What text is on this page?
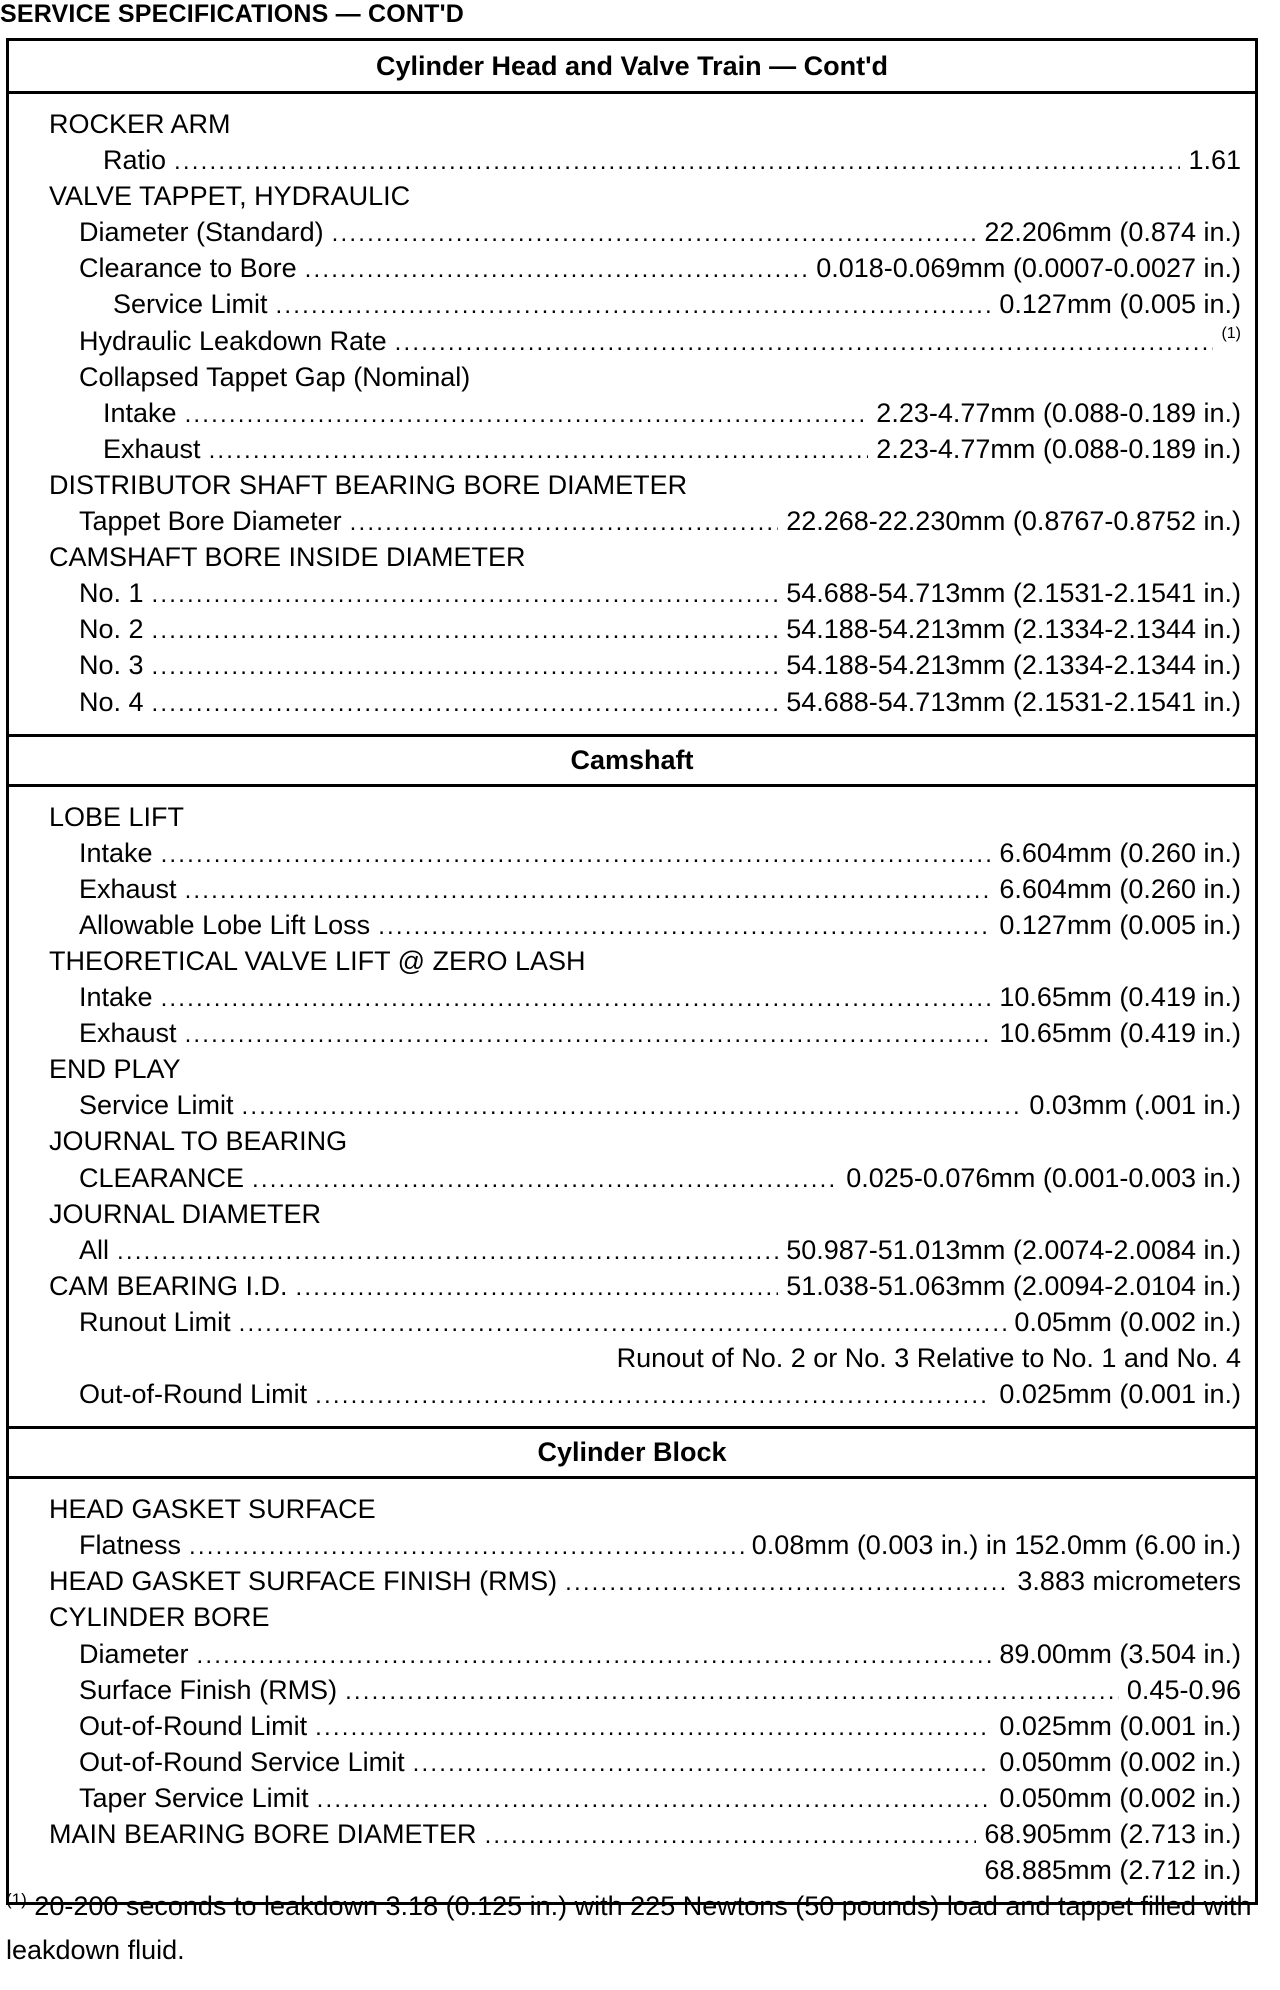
SERVICE SPECIFICATIONS — CONT'D
Cylinder Head and Valve Train — Cont'd
ROCKER ARM
Ratio .....	1.61
VALVE TAPPET, HYDRAULIC
Diameter (Standard) .....	22.206mm (0.874 in.)
Clearance to Bore .....	0.018-0.069mm (0.0007-0.0027 in.)
Service Limit .....	0.127mm (0.005 in.)
Hydraulic Leakdown Rate .....	(1)
Collapsed Tappet Gap (Nominal)
Intake .....	2.23-4.77mm (0.088-0.189 in.)
Exhaust .....	2.23-4.77mm (0.088-0.189 in.)
DISTRIBUTOR SHAFT BEARING BORE DIAMETER
Tappet Bore Diameter .....	22.268-22.230mm (0.8767-0.8752 in.)
CAMSHAFT BORE INSIDE DIAMETER
No. 1 .....	54.688-54.713mm (2.1531-2.1541 in.)
No. 2 .....	54.188-54.213mm (2.1334-2.1344 in.)
No. 3 .....	54.188-54.213mm (2.1334-2.1344 in.)
No. 4 .....	54.688-54.713mm (2.1531-2.1541 in.)
Camshaft
LOBE LIFT
Intake .....	6.604mm (0.260 in.)
Exhaust .....	6.604mm (0.260 in.)
Allowable Lobe Lift Loss .....	0.127mm (0.005 in.)
THEORETICAL VALVE LIFT @ ZERO LASH
Intake .....	10.65mm (0.419 in.)
Exhaust .....	10.65mm (0.419 in.)
END PLAY
Service Limit .....	0.03mm (.001 in.)
JOURNAL TO BEARING
CLEARANCE .....	0.025-0.076mm (0.001-0.003 in.)
JOURNAL DIAMETER
All .....	50.987-51.013mm (2.0074-2.0084 in.)
CAM BEARING I.D. .....	51.038-51.063mm (2.0094-2.0104 in.)
Runout Limit .....	0.05mm (0.002 in.)
Runout of No. 2 or No. 3 Relative to No. 1 and No. 4
Out-of-Round Limit .....	0.025mm (0.001 in.)
Cylinder Block
HEAD GASKET SURFACE
Flatness .....	0.08mm (0.003 in.) in 152.0mm (6.00 in.)
HEAD GASKET SURFACE FINISH (RMS) .....	3.883 micrometers
CYLINDER BORE
Diameter .....	89.00mm (3.504 in.)
Surface Finish (RMS) .....	0.45-0.96
Out-of-Round Limit .....	0.025mm (0.001 in.)
Out-of-Round Service Limit .....	0.050mm (0.002 in.)
Taper Service Limit .....	0.050mm (0.002 in.)
MAIN BEARING BORE DIAMETER .....	68.905mm (2.713 in.)
68.885mm (2.712 in.)
$^{(1)}$ 20-200 seconds to leakdown 3.18 (0.125 in.) with 225 Newtons (50 pounds) load and tappet filled with leakdown fluid.
